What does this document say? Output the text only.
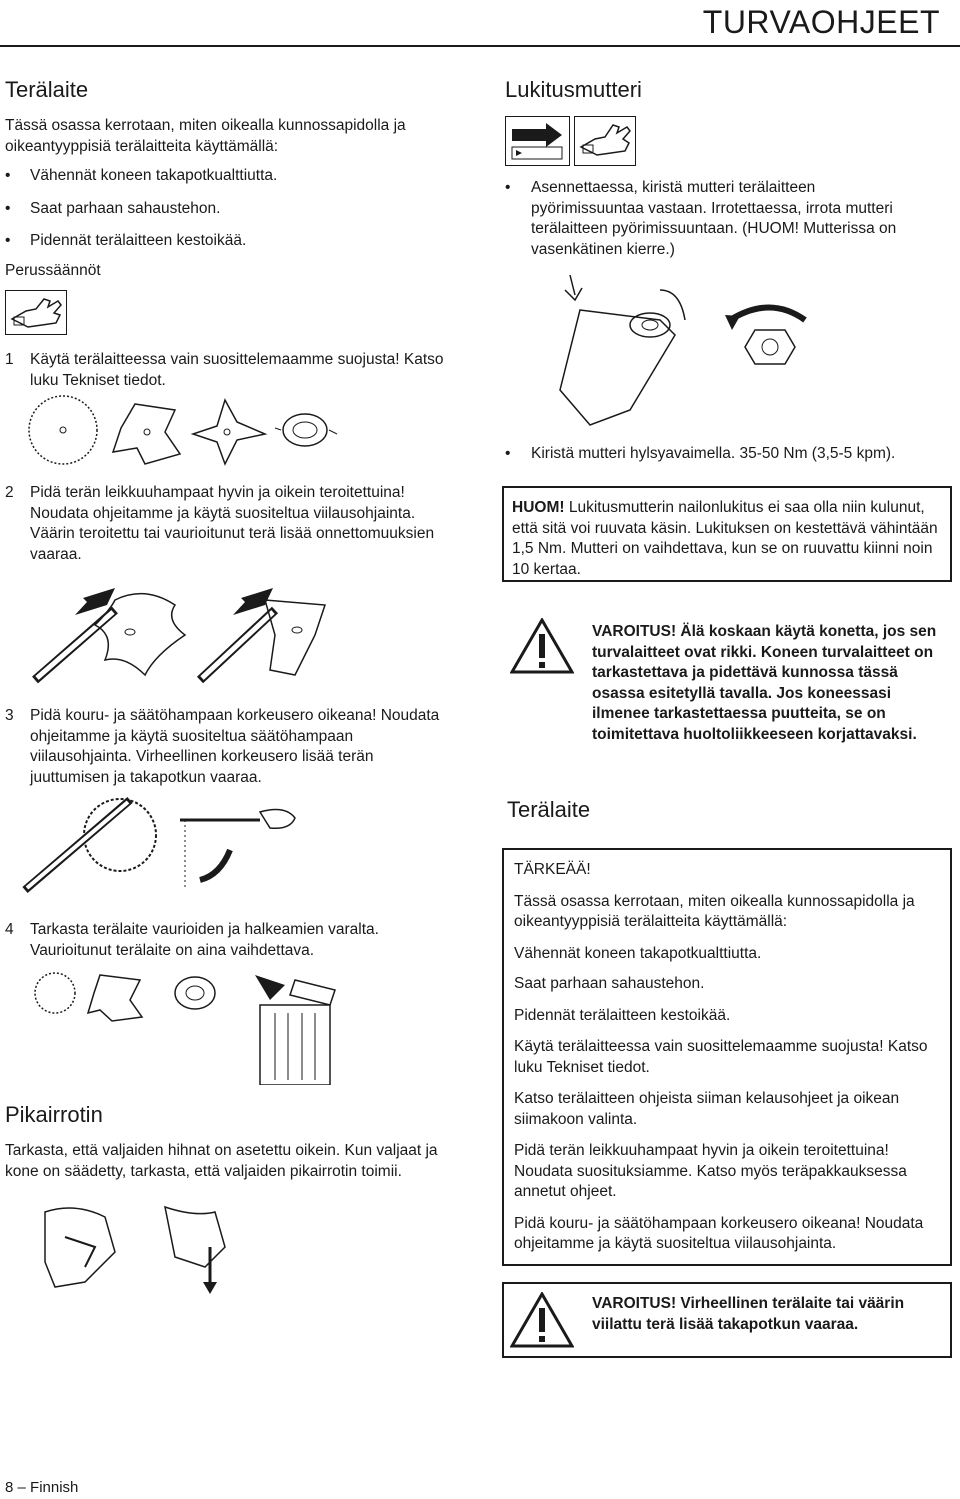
TURVAOHJEET
Terälaite
Tässä osassa kerrotaan, miten oikealla kunnossapidolla ja oikeantyyppisiä terälaitteita käyttämällä:
• Vähennät koneen takapotkualttiutta.
• Saat parhaan sahaustehon.
• Pidennät terälaitteen kestoikää.
Perussäännöt
1 Käytä terälaitteessa vain suosittelemaamme suojusta! Katso luku Tekniset tiedot.
2 Pidä terän leikkuuhampaat hyvin ja oikein teroitettuina! Noudata ohjeitamme ja käytä suositeltua viilausohjainta. Väärin teroitettu tai vaurioitunut terä lisää onnettomuuksien vaaraa.
3 Pidä kouru- ja säätöhampaan korkeusero oikeana! Noudata ohjeitamme ja käytä suositeltua säätöhampaan viilausohjainta. Virheellinen korkeusero lisää terän juuttumisen ja takapotkun vaaraa.
4 Tarkasta terälaite vaurioiden ja halkeamien varalta. Vaurioitunut terälaite on aina vaihdettava.
Pikairrotin
Tarkasta, että valjaiden hihnat on asetettu oikein. Kun valjaat ja kone on säädetty, tarkasta, että valjaiden pikairrotin toimii.
8 – Finnish
Lukitusmutteri
• Asennettaessa, kiristä mutteri terälaitteen pyörimissuuntaa vastaan. Irrotettaessa, irrota mutteri terälaitteen pyörimissuuntaan. (HUOM! Mutterissa on vasenkätinen kierre.)
• Kiristä mutteri hylsyavaimella. 35-50 Nm (3,5-5 kpm).
HUOM! Lukitusmutterin nailonlukitus ei saa olla niin kulunut, että sitä voi ruuvata käsin. Lukituksen on kestettävä vähintään 1,5 Nm. Mutteri on vaihdettava, kun se on ruuvattu kiinni noin 10 kertaa.
VAROITUS! Älä koskaan käytä konetta, jos sen turvalaitteet ovat rikki. Koneen turvalaitteet on tarkastettava ja pidettävä kunnossa tässä osassa esitetyllä tavalla. Jos koneessasi ilmenee tarkastettaessa puutteita, se on toimitettava huoltoliikkeeseen korjattavaksi.
Terälaite
TÄRKEÄÄ!
Tässä osassa kerrotaan, miten oikealla kunnossapidolla ja oikeantyyppisiä terälaitteita käyttämällä:
Vähennät koneen takapotkualttiutta.
Saat parhaan sahaustehon.
Pidennät terälaitteen kestoikää.
Käytä terälaitteessa vain suosittelemaamme suojusta! Katso luku Tekniset tiedot.
Katso terälaitteen ohjeista siiman kelausohjeet ja oikean siimakoon valinta.
Pidä terän leikkuuhampaat hyvin ja oikein teroitettuina! Noudata suosituksiamme. Katso myös teräpakkauksessa annetut ohjeet.
Pidä kouru- ja säätöhampaan korkeusero oikeana! Noudata ohjeitamme ja käytä suositeltua viilausohjainta.
VAROITUS! Virheellinen terälaite tai väärin viilattu terä lisää takapotkun vaaraa.
